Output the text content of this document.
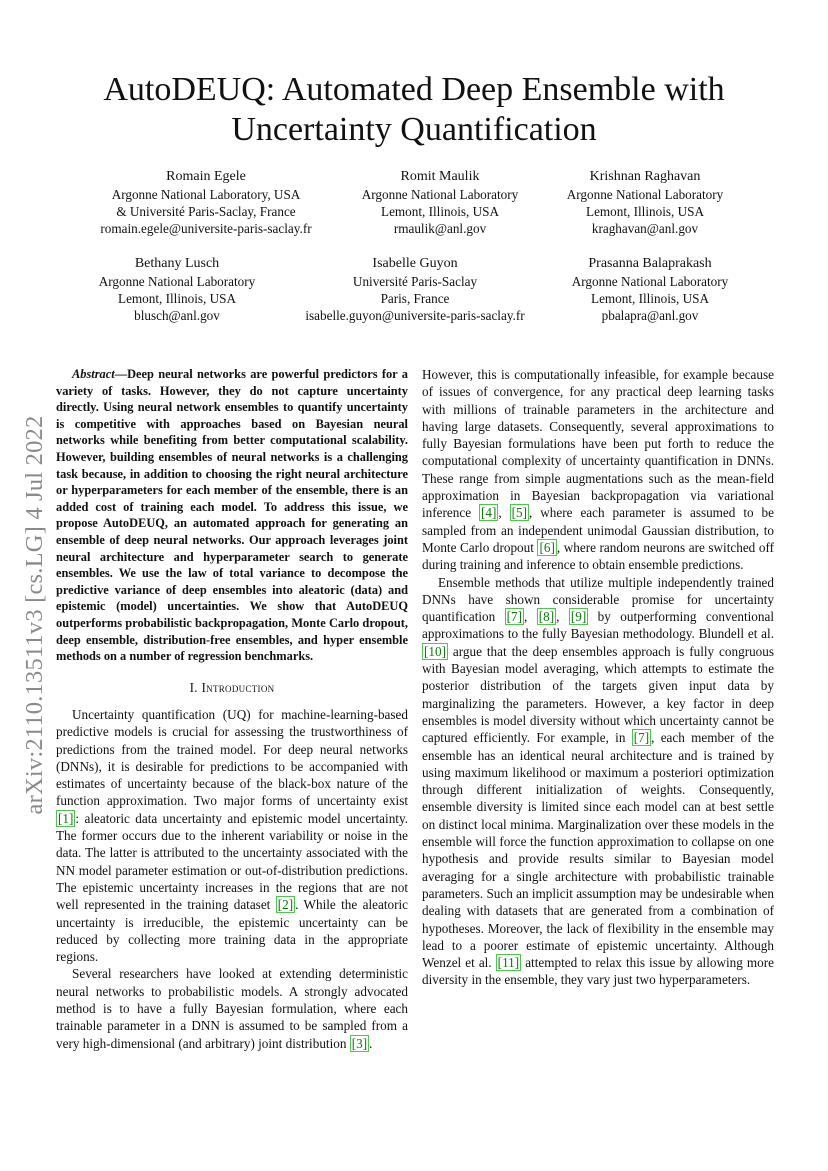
arXiv:2110.13511v3 [cs.LG] 4 Jul 2022
AutoDEUQ: Automated Deep Ensemble with Uncertainty Quantification
Romain Egele
Argonne National Laboratory, USA
& Université Paris-Saclay, France
romain.egele@universite-paris-saclay.fr
Romit Maulik
Argonne National Laboratory
Lemont, Illinois, USA
rmaulik@anl.gov
Krishnan Raghavan
Argonne National Laboratory
Lemont, Illinois, USA
kraghavan@anl.gov
Bethany Lusch
Argonne National Laboratory
Lemont, Illinois, USA
blusch@anl.gov
Isabelle Guyon
Université Paris-Saclay
Paris, France
isabelle.guyon@universite-paris-saclay.fr
Prasanna Balaprakash
Argonne National Laboratory
Lemont, Illinois, USA
pbalapra@anl.gov

Abstract—Deep neural networks are powerful predictors for a variety of tasks. However, they do not capture uncertainty directly. Using neural network ensembles to quantify uncertainty is competitive with approaches based on Bayesian neural networks while benefiting from better computational scalability. However, building ensembles of neural networks is a challenging task because, in addition to choosing the right neural architecture or hyperparameters for each member of the ensemble, there is an added cost of training each model. To address this issue, we propose AutoDEUQ, an automated approach for generating an ensemble of deep neural networks. Our approach leverages joint neural architecture and hyperparameter search to generate ensembles. We use the law of total variance to decompose the predictive variance of deep ensembles into aleatoric (data) and epistemic (model) uncertainties. We show that AutoDEUQ outperforms probabilistic backpropagation, Monte Carlo dropout, deep ensemble, distribution-free ensembles, and hyper ensemble methods on a number of regression benchmarks.

I. Introduction

Uncertainty quantification (UQ) for machine-learning-based predictive models is crucial for assessing the trustworthiness of predictions from the trained model. For deep neural networks (DNNs), it is desirable for predictions to be accompanied with estimates of uncertainty because of the black-box nature of the function approximation. Two major forms of uncertainty exist [1] : aleatoric data uncertainty and epistemic model uncertainty. The former occurs due to the inherent variability or noise in the data. The latter is attributed to the uncertainty associated with the NN model parameter estimation or out-of-distribution predictions. The epistemic uncertainty increases in the regions that are not well represented in the training dataset [2] . While the aleatoric uncertainty is irreducible, the epistemic uncertainty can be reduced by collecting more training data in the appropriate regions.

Several researchers have looked at extending deterministic neural networks to probabilistic models. A strongly advocated method is to have a fully Bayesian formulation, where each trainable parameter in a DNN is assumed to be sampled from a very high-dimensional (and arbitrary) joint distribution [3] .

However, this is computationally infeasible, for example because of issues of convergence, for any practical deep learning tasks with millions of trainable parameters in the architecture and having large datasets. Consequently, several approximations to fully Bayesian formulations have been put forth to reduce the computational complexity of uncertainty quantification in DNNs. These range from simple augmentations such as the mean-field approximation in Bayesian backpropagation via variational inference [4] , [5] , where each parameter is assumed to be sampled from an independent unimodal Gaussian distribution, to Monte Carlo dropout [6] , where random neurons are switched off during training and inference to obtain ensemble predictions.

Ensemble methods that utilize multiple independently trained DNNs have shown considerable promise for uncertainty quantification [7] , [8] , [9] by outperforming conventional approximations to the fully Bayesian methodology. Blundell et al. [10] argue that the deep ensembles approach is fully congruous with Bayesian model averaging, which attempts to estimate the posterior distribution of the targets given input data by marginalizing the parameters. However, a key factor in deep ensembles is model diversity without which uncertainty cannot be captured efficiently. For example, in [7] , each member of the ensemble has an identical neural architecture and is trained by using maximum likelihood or maximum a posteriori optimization through different initialization of weights. Consequently, ensemble diversity is limited since each model can at best settle on distinct local minima. Marginalization over these models in the ensemble will force the function approximation to collapse on one hypothesis and provide results similar to Bayesian model averaging for a single architecture with probabilistic trainable parameters. Such an implicit assumption may be undesirable when dealing with datasets that are generated from a combination of hypotheses. Moreover, the lack of flexibility in the ensemble may lead to a poorer estimate of epistemic uncertainty. Although Wenzel et al. [11] attempted to relax this issue by allowing more diversity in the ensemble, they vary just two hyperparameters.
